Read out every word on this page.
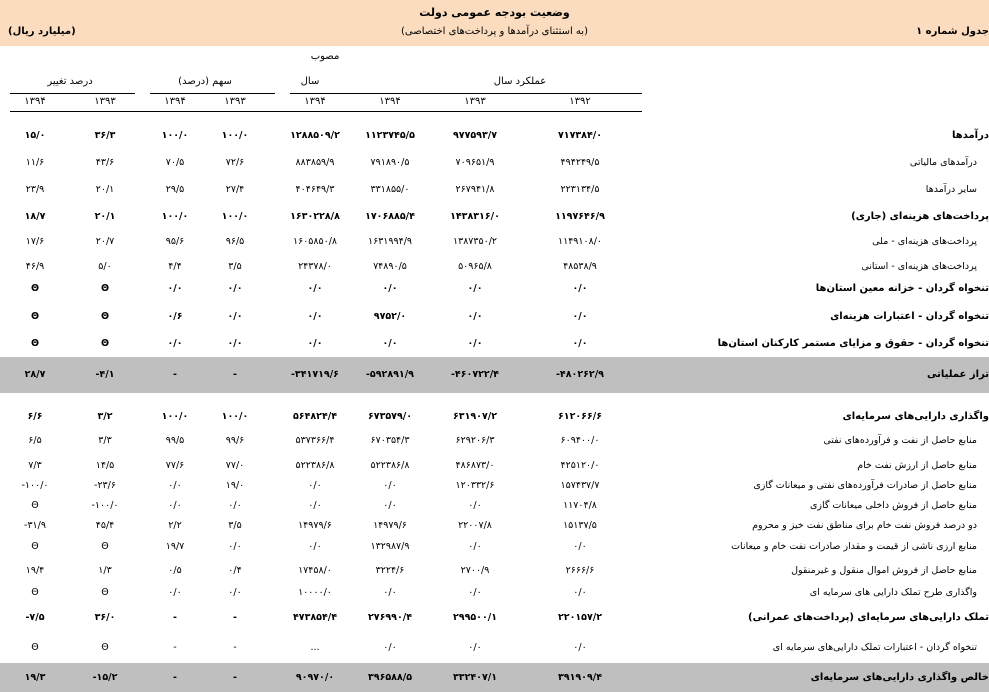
وضعیت بودجه عمومی دولت
(به استثنای درآمدها و پرداخت‌های اختصاصی)
(میلیارد ریال)	جدول شماره ۱
مصوب
عملکرد سال
سال
سهم (درصد)
درصد تغییر
۱۳۹۲
۱۳۹۳
۱۳۹۴
۱۳۹۴
۱۳۹۳
۱۳۹۴
۱۳۹۳
۱۳۹۴
درآمدها
۷۱۷۳۸۴/۰
۹۷۷۵۹۳/۷
۱۱۲۳۷۴۵/۵
۱۲۸۸۵۰۹/۲
۱۰۰/۰
۱۰۰/۰
۳۶/۳
۱۵/۰
درآمدهای مالیاتی
۴۹۴۲۴۹/۵
۷۰۹۶۵۱/۹
۷۹۱۸۹۰/۵
۸۸۳۸۵۹/۹
۷۲/۶
۷۰/۵
۴۳/۶
۱۱/۶
سایر درآمدها
۲۲۳۱۳۴/۵
۲۶۷۹۴۱/۸
۳۳۱۸۵۵/۰
۴۰۴۶۴۹/۳
۲۷/۴
۲۹/۵
۲۰/۱
۲۳/۹
پرداخت‌های هزینه‌ای (جاری)
۱۱۹۷۶۴۶/۹
۱۴۳۸۳۱۶/۰
۱۷۰۶۸۸۵/۴
۱۶۳۰۲۲۸/۸
۱۰۰/۰
۱۰۰/۰
۲۰/۱
۱۸/۷
پرداخت‌های هزینه‌ای - ملی
۱۱۴۹۱۰۸/۰
۱۳۸۷۳۵۰/۲
۱۶۳۱۹۹۴/۹
۱۶۰۵۸۵۰/۸
۹۶/۵
۹۵/۶
۲۰/۷
۱۷/۶
پرداخت‌های هزینه‌ای - استانی
۴۸۵۳۸/۹
۵۰۹۶۵/۸
۷۴۸۹۰/۵
۲۴۳۷۸/۰
۳/۵
۴/۴
۵/۰
۴۶/۹
تنخواه گردان - خزانه معین استان‌ها
۰/۰
۰/۰
۰/۰
۰/۰
۰/۰
۰/۰
Θ
Θ
تنخواه گردان - اعتبارات هزینه‌ای
۰/۰
۰/۰
۹۷۵۲/۰
۰/۰
۰/۰
۰/۶
Θ
Θ
تنخواه گردان - حقوق و مزایای مستمر کارکنان استان‌ها
۰/۰
۰/۰
۰/۰
۰/۰
۰/۰
۰/۰
Θ
Θ
تراز عملیاتی
-۴۸۰۲۶۲/۹
-۴۶۰۷۲۲/۴
-۵۹۲۸۹۱/۹
-۳۴۱۷۱۹/۶
-
-
-۴/۱
۲۸/۷
واگذاری دارایی‌های سرمایه‌ای
۶۱۲۰۶۶/۶
۶۳۱۹۰۷/۲
۶۷۳۵۷۹/۰
۵۶۴۸۲۴/۴
۱۰۰/۰
۱۰۰/۰
۳/۲
۶/۶
منابع حاصل از نفت و فرآورده‌های نفتی
۶۰۹۴۰۰/۰
۶۲۹۲۰۶/۳
۶۷۰۳۵۴/۳
۵۳۷۳۶۶/۴
۹۹/۶
۹۹/۵
۳/۳
۶/۵
منابع حاصل از ارزش نفت خام
۴۲۵۱۲۰/۰
۴۸۶۸۷۳/۰
۵۲۲۳۸۶/۸
۵۲۲۳۸۶/۸
۷۷/۰
۷۷/۶
۱۴/۵
۷/۳
منابع حاصل از صادرات فرآورده‌های نفتی و میعانات گازی
۱۵۷۴۳۷/۷
۱۲۰۳۳۲/۶
۰/۰
۰/۰
۱۹/۰
۰/۰
-۲۳/۶
-۱۰۰/۰
منابع حاصل از فروش داخلی میعانات گازی
۱۱۷۰۴/۸
۰/۰
۰/۰
۰/۰
۰/۰
۰/۰
-۱۰۰/۰
Θ
دو درصد فروش نفت خام برای مناطق نفت خیز و محروم
۱۵۱۳۷/۵
۲۲۰۰۷/۸
۱۴۹۷۹/۶
۱۴۹۷۹/۶
۳/۵
۲/۲
۴۵/۴
-۳۱/۹
منابع ارزی ناشی از قیمت و مقدار صادرات نفت خام و میعانات
۰/۰
۰/۰
۱۳۲۹۸۷/۹
۰/۰
۰/۰
۱۹/۷
Θ
Θ
منابع حاصل از فروش اموال منقول و غیرمنقول
۲۶۶۶/۶
۲۷۰۰/۹
۳۲۲۴/۶
۱۷۴۵۸/۰
۰/۴
۰/۵
۱/۳
۱۹/۴
واگذاری طرح تملک دارایی های سرمایه ای
۰/۰
۰/۰
۰/۰
۱۰۰۰۰/۰
۰/۰
۰/۰
Θ
Θ
تملک دارایی‌های سرمایه‌ای (پرداخت‌های عمرانی)
۲۲۰۱۵۷/۲
۲۹۹۵۰۰/۱
۲۷۶۹۹۰/۴
۴۷۳۸۵۴/۴
-
-
۳۶/۰
-۷/۵
تنخواه گردان - اعتبارات تملک دارایی‌های سرمایه ای
۰/۰
۰/۰
۰/۰
...
-
-
Θ
Θ
خالص واگذاری دارایی‌های سرمایه‌ای
۳۹۱۹۰۹/۴
۳۳۲۴۰۷/۱
۳۹۶۵۸۸/۵
۹۰۹۷۰/۰
-
-
-۱۵/۲
۱۹/۳
